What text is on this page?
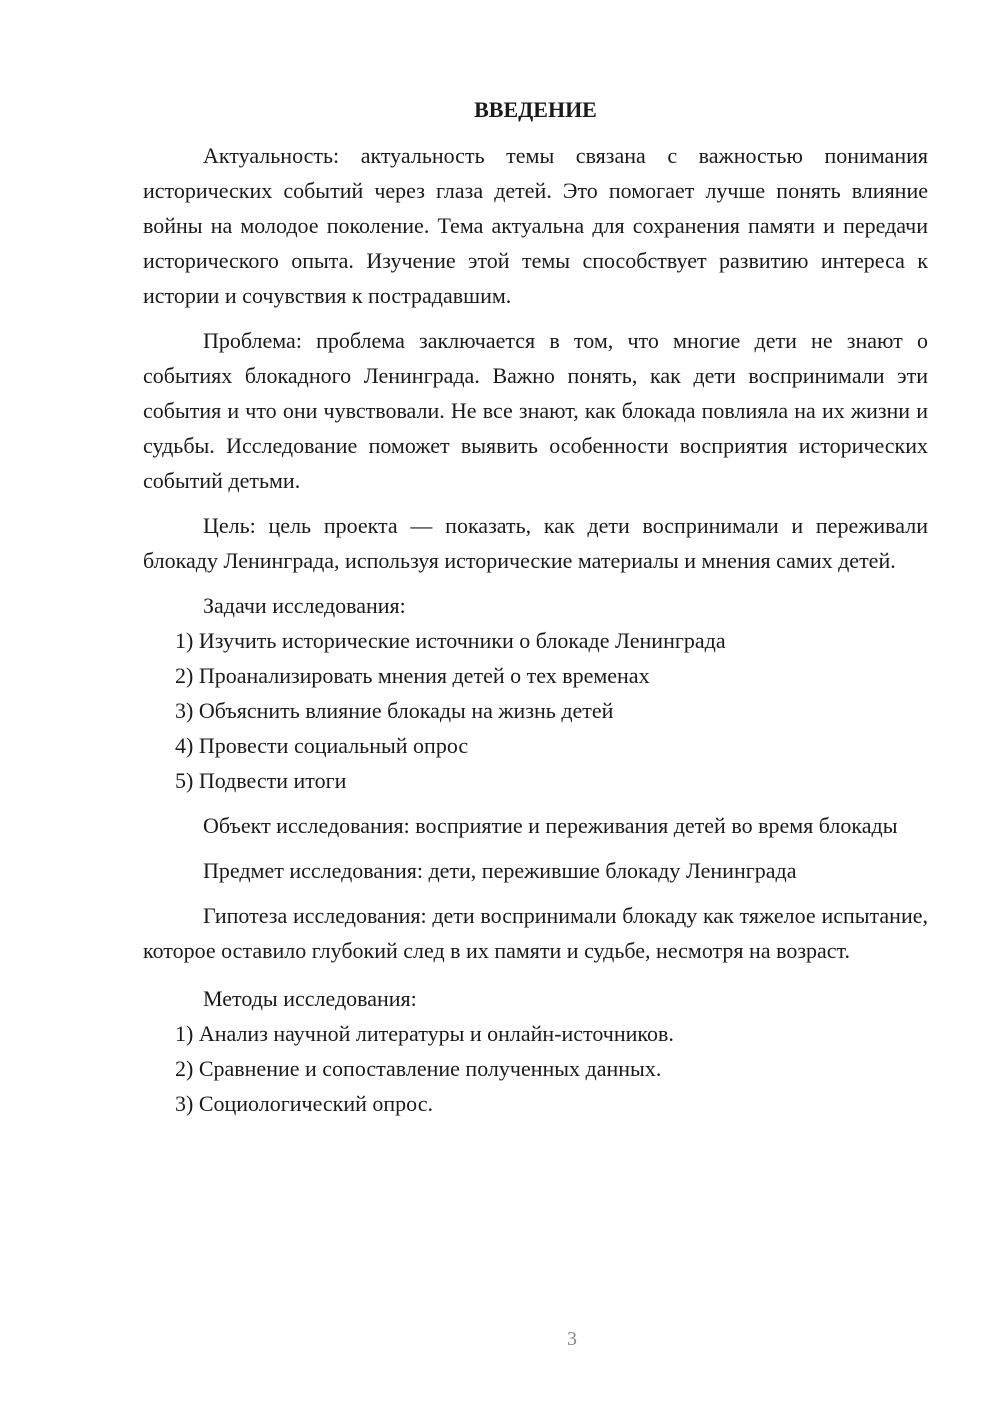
ВВЕДЕНИЕ

Актуальность: актуальность темы связана с важностью понимания исторических событий через глаза детей. Это помогает лучше понять влияние войны на молодое поколение. Тема актуальна для сохранения памяти и передачи исторического опыта. Изучение этой темы способствует развитию интереса к истории и сочувствия к пострадавшим.

Проблема: проблема заключается в том, что многие дети не знают о событиях блокадного Ленинграда. Важно понять, как дети воспринимали эти события и что они чувствовали. Не все знают, как блокада повлияла на их жизни и судьбы. Исследование поможет выявить особенности восприятия исторических событий детьми.

Цель: цель проекта — показать, как дети воспринимали и переживали блокаду Ленинграда, используя исторические материалы и мнения самих детей.

Задачи исследования:

1) Изучить исторические источники о блокаде Ленинграда

2) Проанализировать мнения детей о тех временах

3) Объяснить влияние блокады на жизнь детей

4) Провести социальный опрос

5) Подвести итоги

Объект исследования: восприятие и переживания детей во время блокады

Предмет исследования: дети, пережившие блокаду Ленинграда

Гипотеза исследования: дети воспринимали блокаду как тяжелое испытание, которое оставило глубокий след в их памяти и судьбе, несмотря на возраст.

Методы исследования:

1) Анализ научной литературы и онлайн-источников.

2) Сравнение и сопоставление полученных данных.

3) Социологический опрос.

3
